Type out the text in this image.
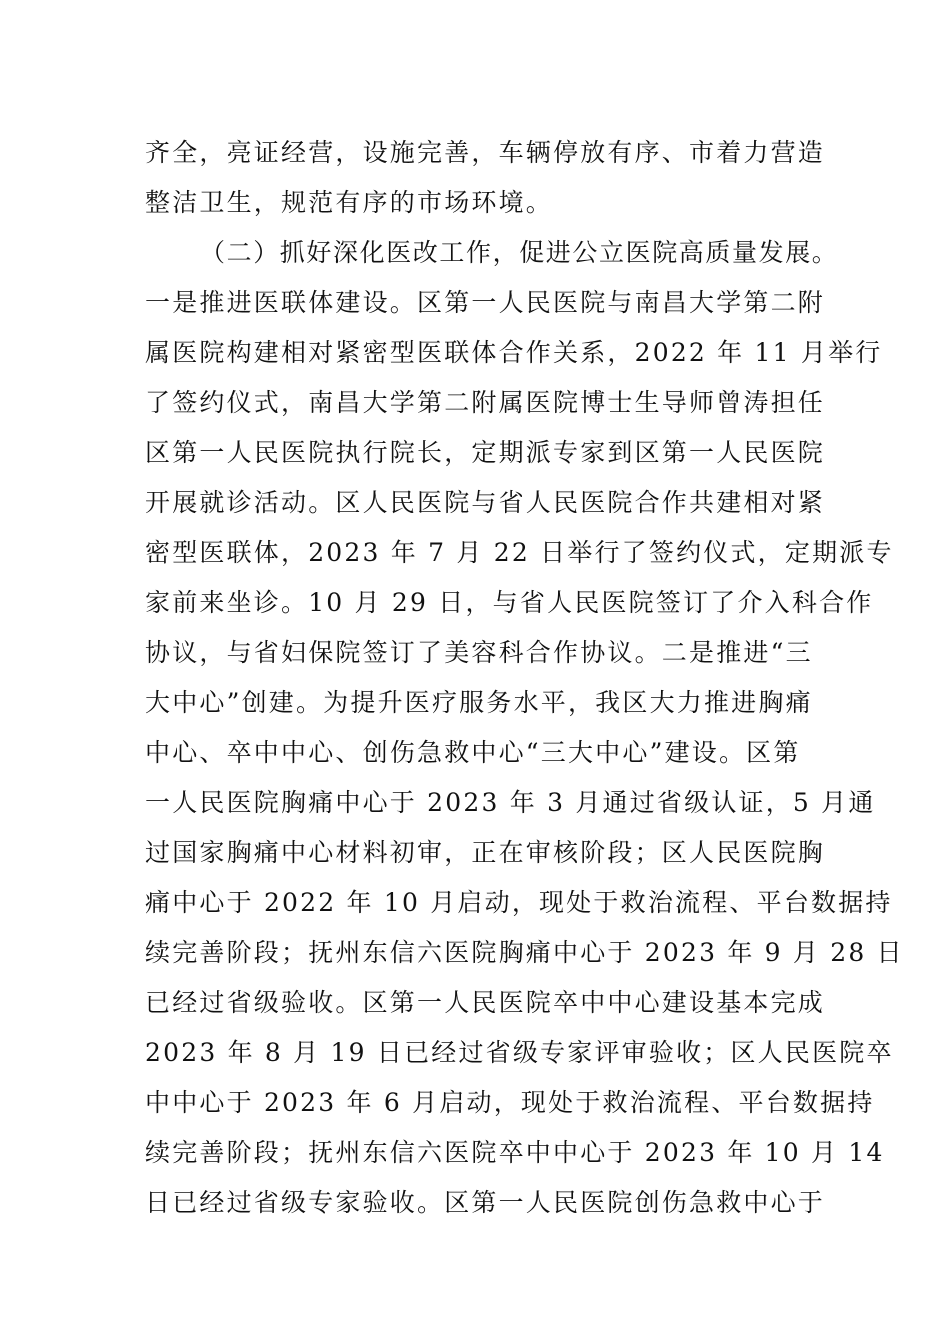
齐全，亮证经营，设施完善，车辆停放有序、市着力营造
整洁卫生，规范有序的市场环境。
（二）抓好深化医改工作，促进公立医院高质量发展。
一是推进医联体建设。区第一人民医院与南昌大学第二附
属医院构建相对紧密型医联体合作关系，2022 年 11 月举行
了签约仪式，南昌大学第二附属医院博士生导师曾涛担任
区第一人民医院执行院长，定期派专家到区第一人民医院
开展就诊活动。区人民医院与省人民医院合作共建相对紧
密型医联体，2023 年 7 月 22 日举行了签约仪式，定期派专
家前来坐诊。10 月 29 日，与省人民医院签订了介入科合作
协议，与省妇保院签订了美容科合作协议。二是推进“三
大中心”创建。为提升医疗服务水平，我区大力推进胸痛
中心、卒中中心、创伤急救中心“三大中心”建设。区第
一人民医院胸痛中心于 2023 年 3 月通过省级认证，5 月通
过国家胸痛中心材料初审，正在审核阶段；区人民医院胸
痛中心于 2022 年 10 月启动，现处于救治流程、平台数据持
续完善阶段；抚州东信六医院胸痛中心于 2023 年 9 月 28 日
已经过省级验收。区第一人民医院卒中中心建设基本完成
2023 年 8 月 19 日已经过省级专家评审验收；区人民医院卒
中中心于 2023 年 6 月启动，现处于救治流程、平台数据持
续完善阶段；抚州东信六医院卒中中心于 2023 年 10 月 14
日已经过省级专家验收。区第一人民医院创伤急救中心于
